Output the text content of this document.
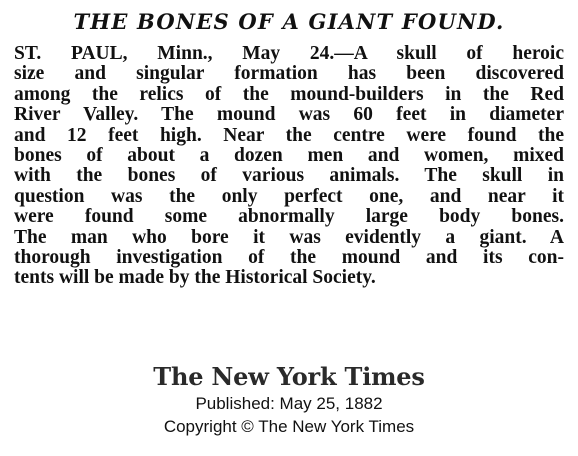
THE BONES OF A GIANT FOUND.
ST. PAUL, Minn., May 24.—A skull of heroic
size and singular formation has been discovered
among the relics of the mound-builders in the Red
River Valley. The mound was 60 feet in diameter
and 12 feet high. Near the centre were found the
bones of about a dozen men and women, mixed
with the bones of various animals. The skull in
question was the only perfect one, and near it
were found some abnormally large body bones.
The man who bore it was evidently a giant. A
thorough investigation of the mound and its con-
tents will be made by the Historical Society.
The New York Times
Published: May 25, 1882
Copyright © The New York Times
